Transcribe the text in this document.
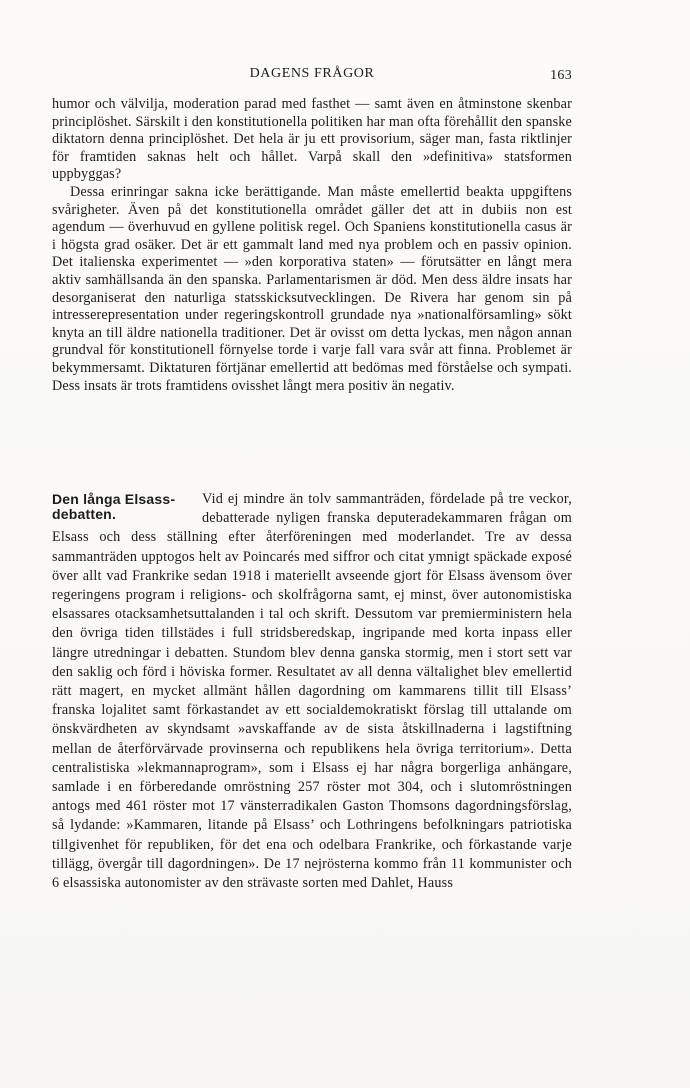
DAGENS FRÅGOR	163

humor och välvilja, moderation parad med fasthet — samt även en åtminstone skenbar principlöshet. Särskilt i den konstitutionella politiken har man ofta förehållit den spanske diktatorn denna principlöshet. Det hela är ju ett provisorium, säger man, fasta riktlinjer för framtiden saknas helt och hållet. Varpå skall den »definitiva» statsformen uppbyggas?

Dessa erinringar sakna icke berättigande. Man måste emellertid beakta uppgiftens svårigheter. Även på det konstitutionella området gäller det att in dubiis non est agendum — överhuvud en gyllene politisk regel. Och Spaniens konstitutionella casus är i högsta grad osäker. Det är ett gammalt land med nya problem och en passiv opinion. Det italienska experimentet — »den korporativa staten» — förutsätter en långt mera aktiv samhällsanda än den spanska. Parlamentarismen är död. Men dess äldre insats har desorganiserat den naturliga statsskicksutvecklingen. De Rivera har genom sin på intresserepresentation under regeringskontroll grundade nya »nationalförsamling» sökt knyta an till äldre nationella traditioner. Det är ovisst om detta lyckas, men någon annan grundval för konstitutionell förnyelse torde i varje fall vara svår att finna. Problemet är bekymmersamt. Diktaturen förtjänar emellertid att bedömas med förståelse och sympati. Dess insats är trots framtidens ovisshet långt mera positiv än negativ.

Den långa Elsass-debatten.

Vid ej mindre än tolv sammanträden, fördelade på tre veckor, debatterade nyligen franska deputeradekammaren frågan om Elsass och dess ställning efter återföreningen med moderlandet. Tre av dessa sammanträden upptogos helt av Poincarés med siffror och citat ymnigt späckade exposé över allt vad Frankrike sedan 1918 i materiellt avseende gjort för Elsass ävensom över regeringens program i religions- och skolfrågorna samt, ej minst, över autonomistiska elsassares otacksamhetsuttalanden i tal och skrift. Dessutom var premierministern hela den övriga tiden tillstädes i full stridsberedskap, ingripande med korta inpass eller längre utredningar i debatten. Stundom blev denna ganska stormig, men i stort sett var den saklig och förd i höviska former. Resultatet av all denna vältalighet blev emellertid rätt magert, en mycket allmänt hållen dagordning om kammarens tillit till Elsass’ franska lojalitet samt förkastandet av ett socialdemokratiskt förslag till uttalande om önskvärdheten av skyndsamt »avskaffande av de sista åtskillnaderna i lagstiftning mellan de återförvärvade provinserna och republikens hela övriga territorium». Detta centralistiska »lekmannaprogram», som i Elsass ej har några borgerliga anhängare, samlade i en förberedande omröstning 257 röster mot 304, och i slutomröstningen antogs med 461 röster mot 17 vänsterradikalen Gaston Thomsons dagordningsförslag, så lydande: »Kammaren, litande på Elsass’ och Lothringens befolkningars patriotiska tillgivenhet för republiken, för det ena och odelbara Frankrike, och förkastande varje tillägg, övergår till dagordningen». De 17 nejrösterna kommo från 11 kommunister och 6 elsassiska autonomister av den strävaste sorten med Dahlet, Hauss
